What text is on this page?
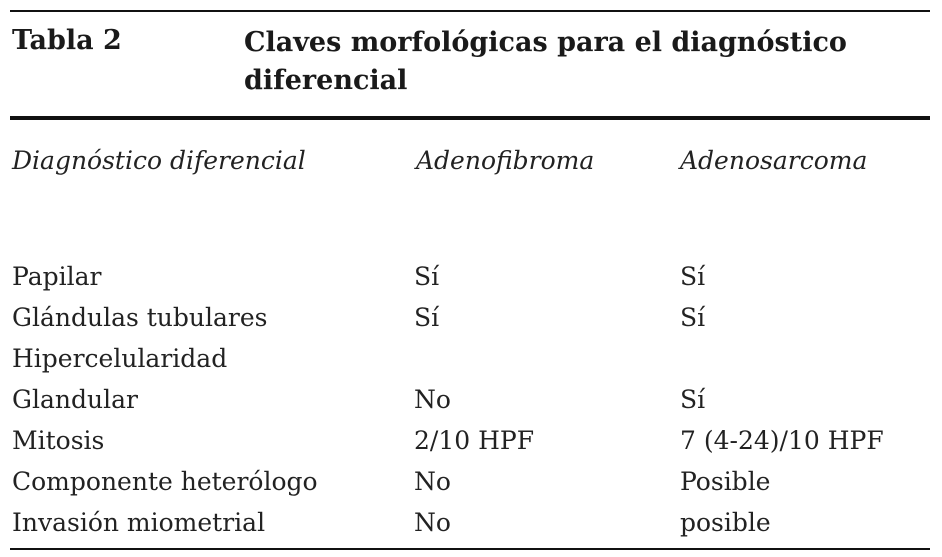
Tabla 2	Claves morfológicas para el diagnóstico diferencial
Diagnóstico diferencial	Adenofibroma	Adenosarcoma
Papilar	Sí	Sí
Glándulas tubulares	Sí	Sí
Hipercelularidad
Glandular	No	Sí
Mitosis	2/10 HPF	7 (4-24)/10 HPF
Componente heterólogo	No	Posible
Invasión miometrial	No	posible
